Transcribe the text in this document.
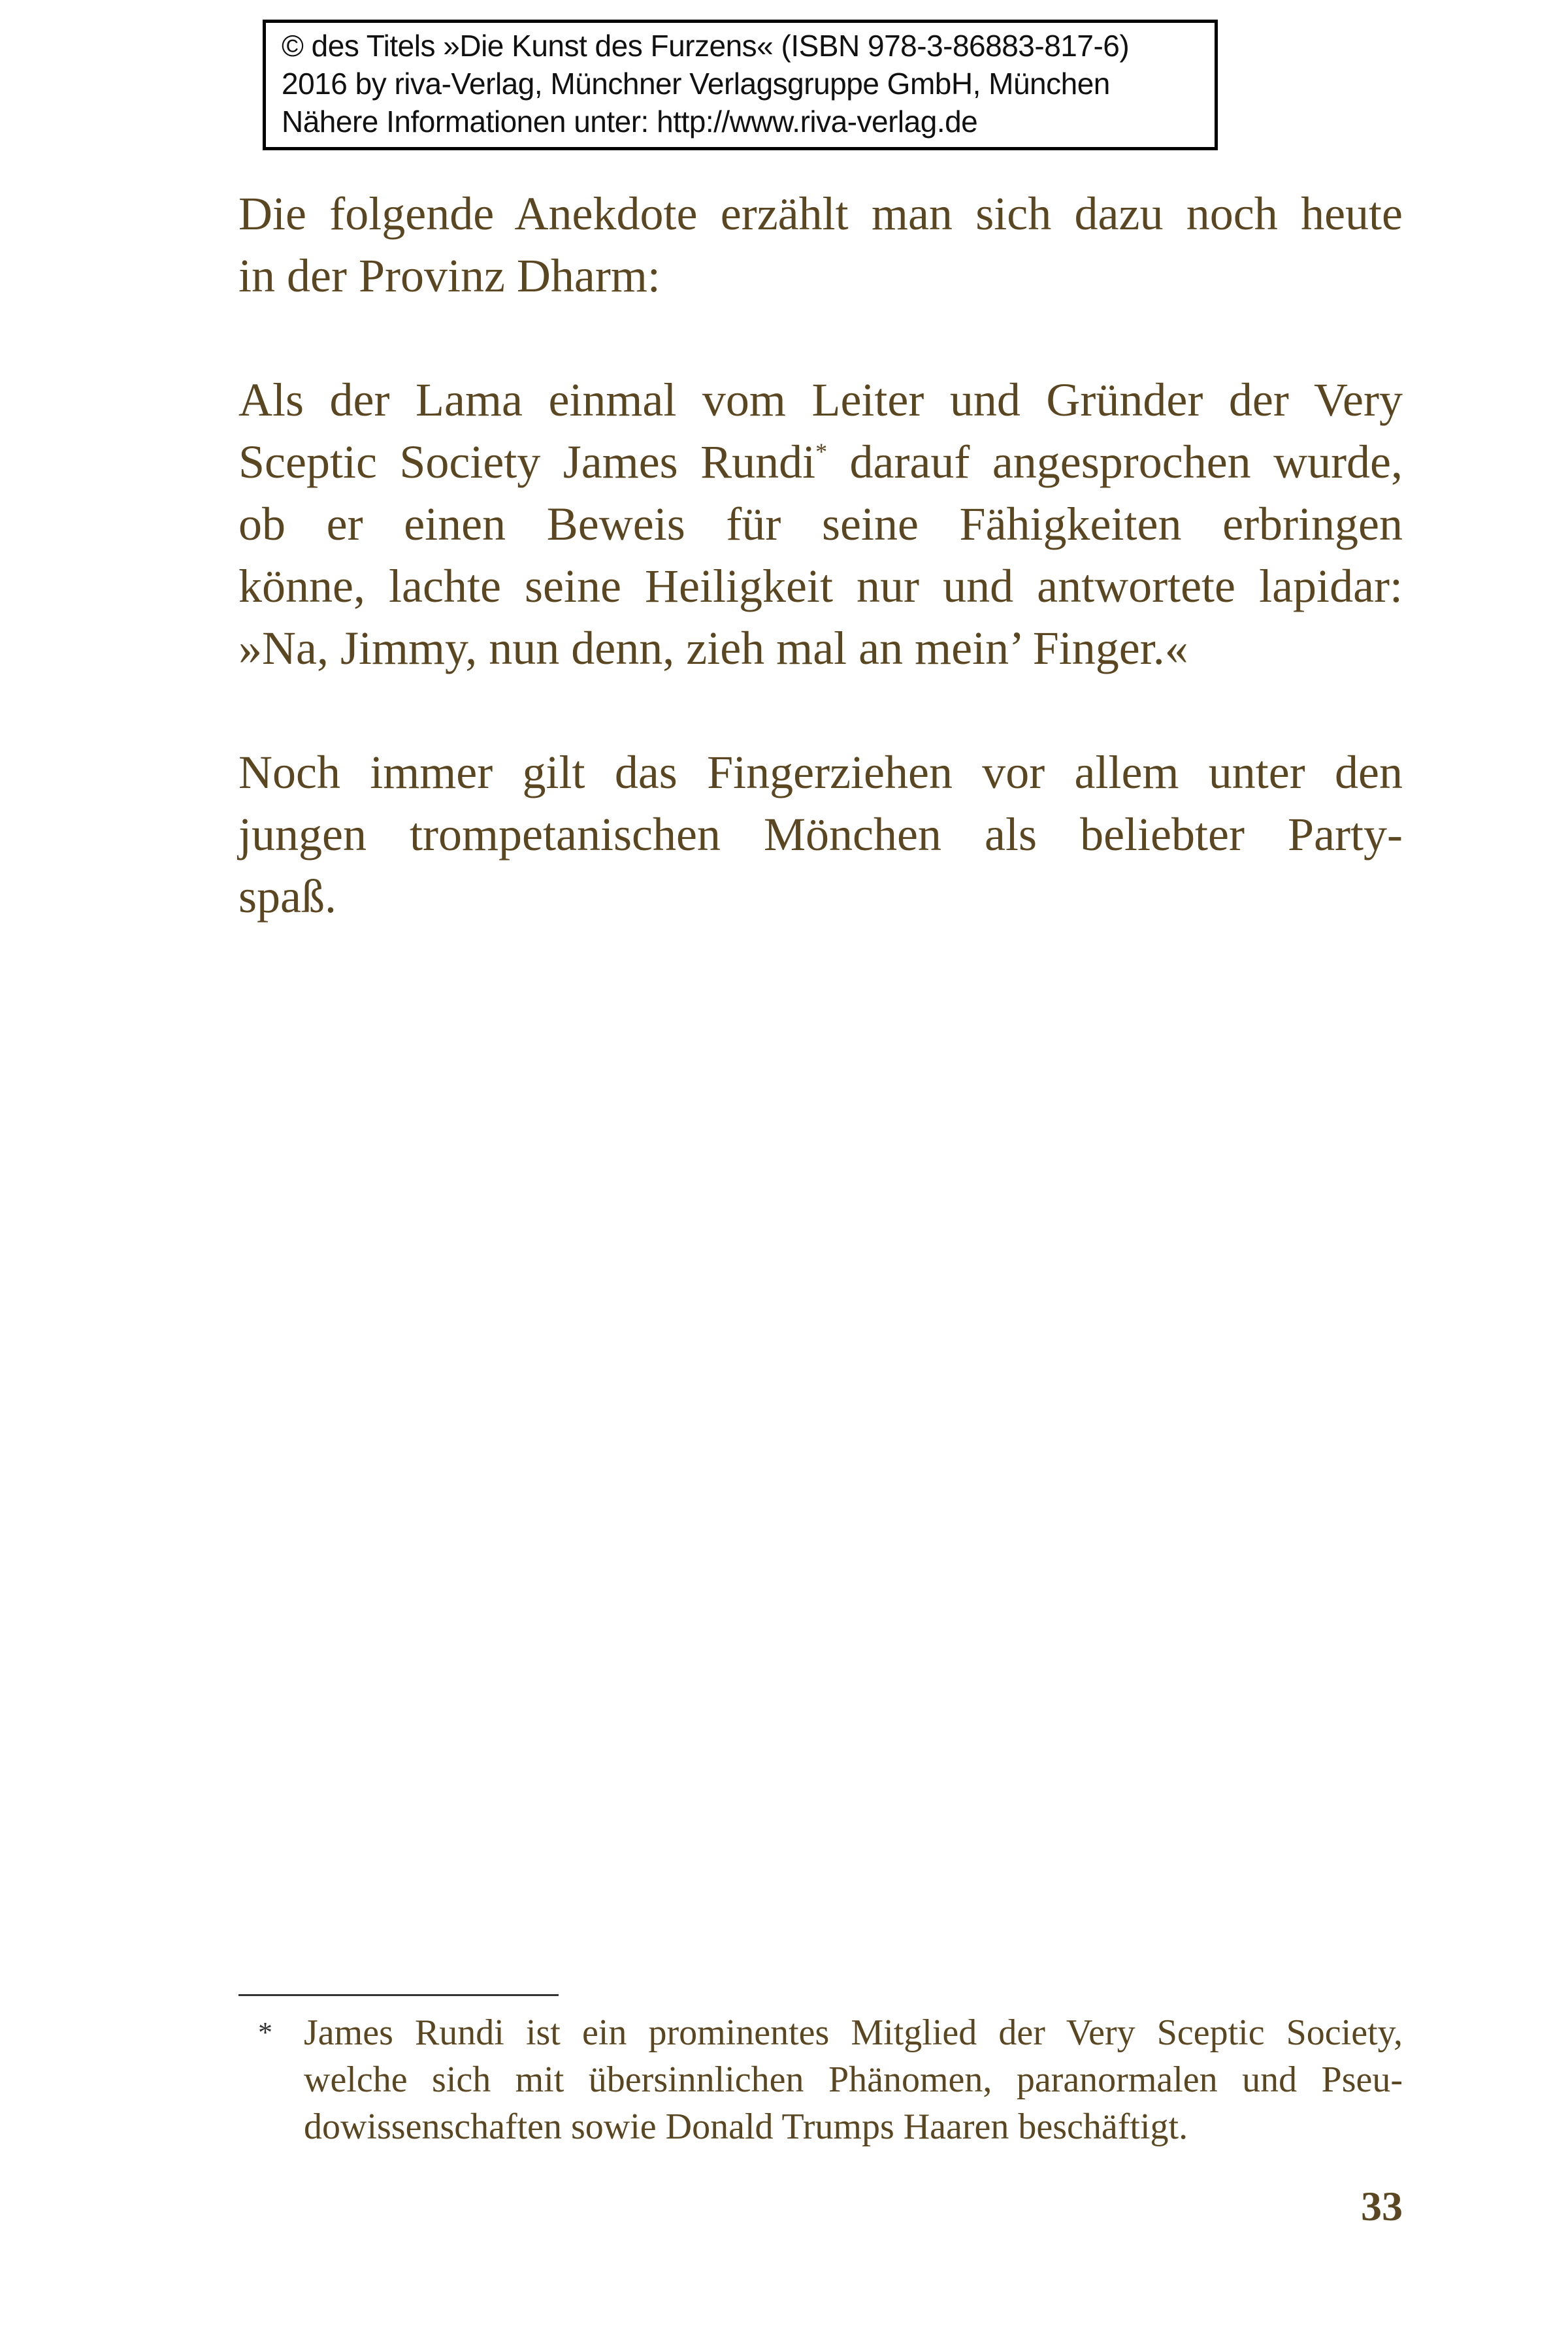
© des Titels »Die Kunst des Furzens« (ISBN 978-3-86883-817-6)
2016 by riva-Verlag, Münchner Verlagsgruppe GmbH, München
Nähere Informationen unter: http://www.riva-verlag.de
Die folgende Anekdote erzählt man sich dazu noch heute
in der Provinz Dharm:
Als der Lama einmal vom Leiter und Gründer der Very
Sceptic Society James Rundi* darauf angesprochen wurde,
ob er einen Beweis für seine Fähigkeiten erbringen
könne, lachte seine Heiligkeit nur und antwortete lapidar:
»Na, Jimmy, nun denn, zieh mal an mein’ Finger.«
Noch immer gilt das Fingerziehen vor allem unter den
jungen trompetanischen Mönchen als beliebter Party-
spaß.
* James Rundi ist ein prominentes Mitglied der Very Sceptic Society,
welche sich mit übersinnlichen Phänomen, paranormalen und Pseu-
dowissenschaften sowie Donald Trumps Haaren beschäftigt.
33
